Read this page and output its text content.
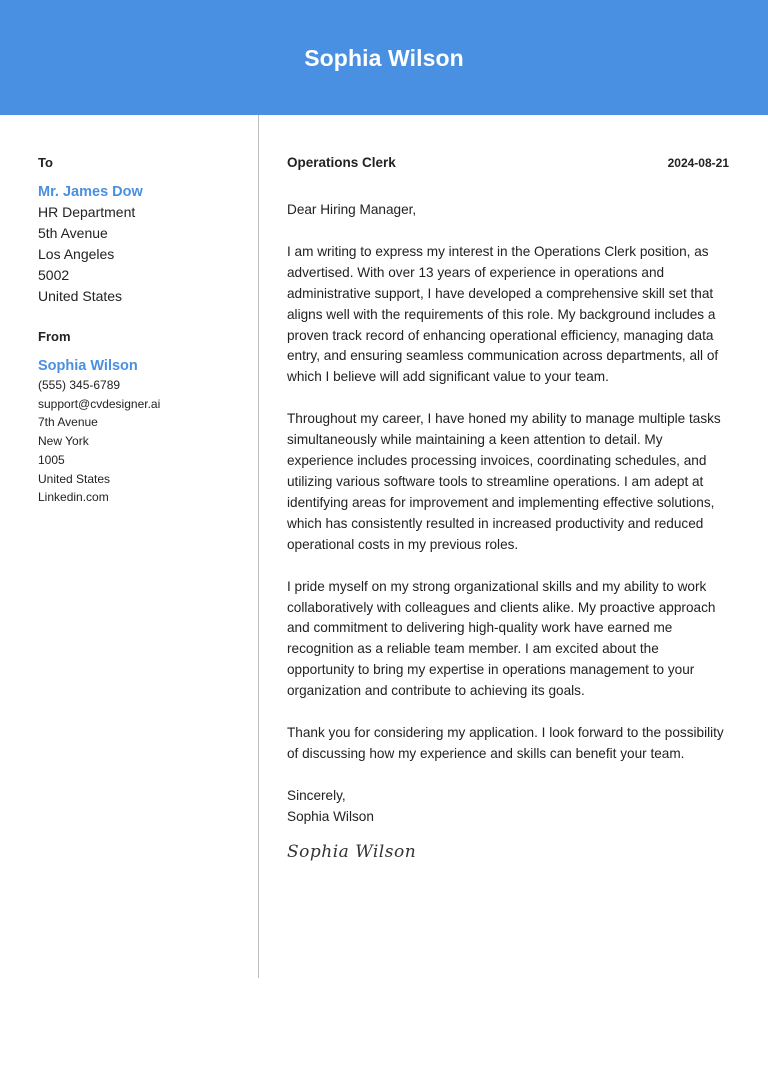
Sophia Wilson
To
Mr. James Dow
HR Department
5th Avenue
Los Angeles
5002
United States
From
Sophia Wilson
(555) 345-6789
support@cvdesigner.ai
7th Avenue
New York
1005
United States
Linkedin.com
Operations Clerk	2024-08-21
Dear Hiring Manager,
I am writing to express my interest in the Operations Clerk position, as advertised. With over 13 years of experience in operations and administrative support, I have developed a comprehensive skill set that aligns well with the requirements of this role. My background includes a proven track record of enhancing operational efficiency, managing data entry, and ensuring seamless communication across departments, all of which I believe will add significant value to your team.
Throughout my career, I have honed my ability to manage multiple tasks simultaneously while maintaining a keen attention to detail. My experience includes processing invoices, coordinating schedules, and utilizing various software tools to streamline operations. I am adept at identifying areas for improvement and implementing effective solutions, which has consistently resulted in increased productivity and reduced operational costs in my previous roles.
I pride myself on my strong organizational skills and my ability to work collaboratively with colleagues and clients alike. My proactive approach and commitment to delivering high-quality work have earned me recognition as a reliable team member. I am excited about the opportunity to bring my expertise in operations management to your organization and contribute to achieving its goals.
Thank you for considering my application. I look forward to the possibility of discussing how my experience and skills can benefit your team.
Sincerely,
Sophia Wilson
Sophia Wilson
